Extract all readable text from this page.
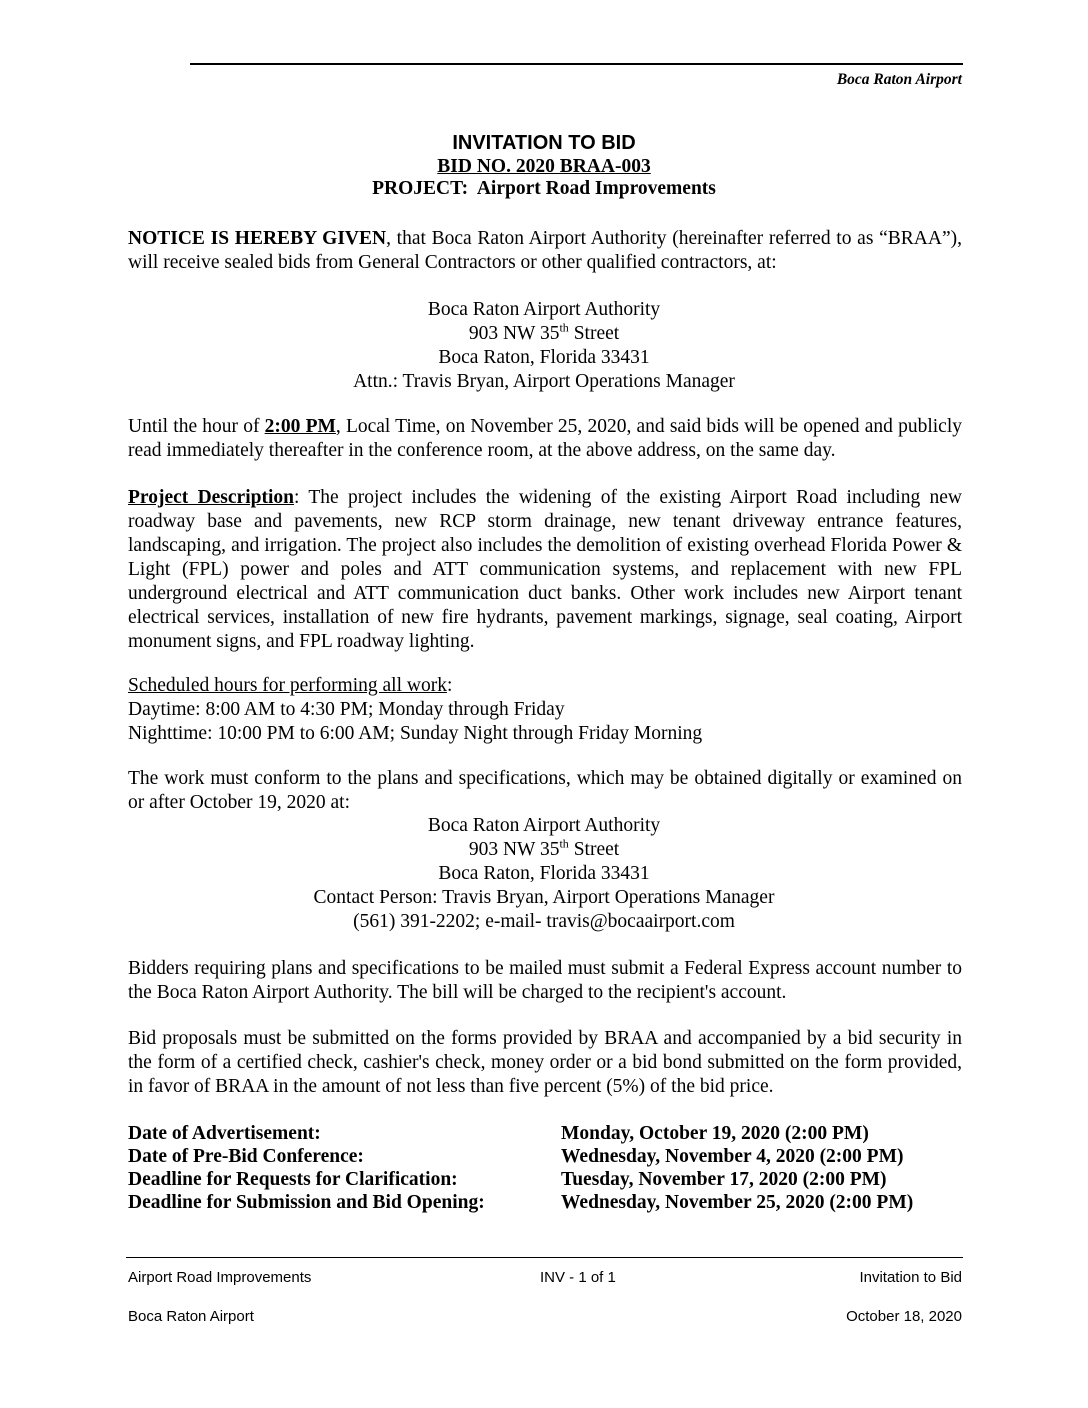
Boca Raton Airport
INVITATION TO BID
BID NO. 2020 BRAA-003
PROJECT: Airport Road Improvements
NOTICE IS HEREBY GIVEN, that Boca Raton Airport Authority (hereinafter referred to as “BRAA”), will receive sealed bids from General Contractors or other qualified contractors, at:
Boca Raton Airport Authority
903 NW 35th Street
Boca Raton, Florida 33431
Attn.: Travis Bryan, Airport Operations Manager
Until the hour of 2:00 PM, Local Time, on November 25, 2020, and said bids will be opened and publicly read immediately thereafter in the conference room, at the above address, on the same day.
Project Description: The project includes the widening of the existing Airport Road including new roadway base and pavements, new RCP storm drainage, new tenant driveway entrance features, landscaping, and irrigation. The project also includes the demolition of existing overhead Florida Power & Light (FPL) power and poles and ATT communication systems, and replacement with new FPL underground electrical and ATT communication duct banks. Other work includes new Airport tenant electrical services, installation of new fire hydrants, pavement markings, signage, seal coating, Airport monument signs, and FPL roadway lighting.
Scheduled hours for performing all work:
Daytime: 8:00 AM to 4:30 PM; Monday through Friday
Nighttime: 10:00 PM to 6:00 AM; Sunday Night through Friday Morning
The work must conform to the plans and specifications, which may be obtained digitally or examined on or after October 19, 2020 at:
Boca Raton Airport Authority
903 NW 35th Street
Boca Raton, Florida 33431
Contact Person: Travis Bryan, Airport Operations Manager
(561) 391-2202; e-mail- travis@bocaairport.com
Bidders requiring plans and specifications to be mailed must submit a Federal Express account number to the Boca Raton Airport Authority. The bill will be charged to the recipient's account.
Bid proposals must be submitted on the forms provided by BRAA and accompanied by a bid security in the form of a certified check, cashier's check, money order or a bid bond submitted on the form provided, in favor of BRAA in the amount of not less than five percent (5%) of the bid price.
Date of Advertisement:	Monday, October 19, 2020 (2:00 PM)
Date of Pre-Bid Conference:	Wednesday, November 4, 2020 (2:00 PM)
Deadline for Requests for Clarification:	Tuesday, November 17, 2020 (2:00 PM)
Deadline for Submission and Bid Opening:	Wednesday, November 25, 2020 (2:00 PM)
Airport Road Improvements	INV - 1 of 1	Invitation to Bid
Boca Raton Airport	October 18, 2020
